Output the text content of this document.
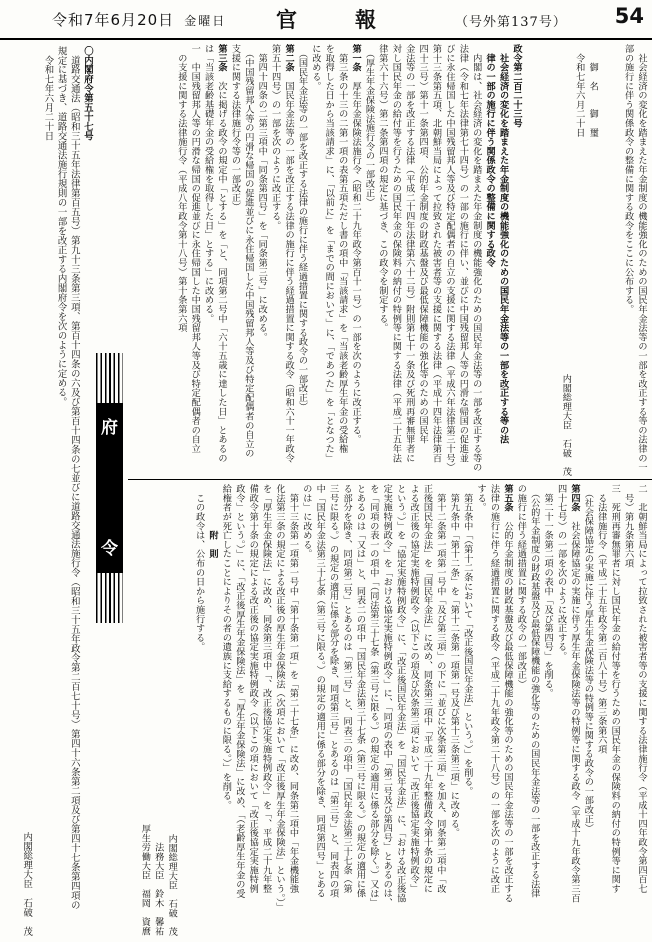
令和7年6月20日 金曜日	官報	（号外第137号） 54

　社会経済の変化を踏まえた年金制度の機能強化のための国民年金法等の一部を改正する等の法律の一

部の施行に伴う関係政令の整備に関する政令をここに公布する。

　　御　名　　御　璽

　令和七年六月二十日

内閣総理大臣　石破　茂

政令第二百二十三号

　社会経済の変化を踏まえた年金制度の機能強化のための国民年金法等の一部を改正する等の法

　律の一部の施行に伴う関係政令の整備に関する政令

　内閣は、社会経済の変化を踏まえた年金制度の機能強化のための国民年金法等の一部を改正する等の

法律（令和七年法律第七十四号）の一部の施行に伴い、並びに中国残留邦人等の円滑な帰国の促進並

びに永住帰国した中国残留邦人等及び特定配偶者の自立の支援に関する法律（平成六年法律第三十号）

第十三条第五項、北朝鮮当局によって拉致された被害者等の支援に関する法律（平成十四年法律第百

四十三号）第十一条第四項、公的年金制度の財政基盤及び最低保障機能の強化等のための国民年

金法等の一部を改正する法律（平成二十四年法律第六十二号）附則第七十一条及び死刑再審無罪者に

対し国民年金の給付等を行うための国民年金の保険料の納付の特例等に関する法律（平成二十五年法

律第六十六号）第二条第四項の規定に基づき、この政令を制定する。

　（厚生年金保険法施行令の一部改正）

第一条　厚生年金保険法施行令（昭和二十九年政令第百十一号）の一部を次のように改正する。

　第三条の十三の二第一項の表第五項ただし書の項中「当該請求」を「当該老齢厚生年金の受給権

を取得した日から当該請求」に、「以前に」を「までの間において」に、「であつた」を「となつた」

に改める。

　（国民年金法等の一部を改正する法律の施行に伴う経過措置に関する政令の一部改正）

第二条　国民年金法等の一部を改正する法律の施行に伴う経過措置に関する政令（昭和六十一年政令

第五十四号）の一部を次のように改正する。

　第四十四条の二第三項中「同条第四号」を「同条第三号」に改める。

　（中国残留邦人等の円滑な帰国の促進並びに永住帰国した中国残留邦人等及び特定配偶者の自立の

支援に関する法律施行令等の一部改正）

第三条　次に掲げる政令の規定中「とする」を「と、同項第二号中「六十五歳に達した日」とあるの

は「当該老齢基礎年金の受給権を取得した日」とする」に改める。

一　中国残留邦人等の円滑な帰国の促進並びに永住帰国した中国残留邦人等及び特定配偶者の自立

　の支援に関する法律施行令（平成八年政令第十八号）第十条第六項

二　北朝鮮当局によって拉致された被害者等の支援に関する法律施行令（平成十四年政令第四百七

　号）第九条第六項

三　死刑再審無罪者に対し国民年金の給付等を行うための国民年金の保険料の納付の特例等に関す

　る法律施行令（平成二十五年政令第二百八十号）第三条第六項

　（社会保障協定の実施に伴う厚生年金保険法等の特例等に関する政令の一部改正）

第四条　社会保障協定の実施に伴う厚生年金保険法等の特例等に関する政令（平成十九年政令第三百

四十七号）の一部を次のように改正する。

　第二十一条第二項の表中「及び第四号」を削る。

　（公的年金制度の財政基盤及び最低保障機能の強化等のための国民年金法等の一部を改正する法律

の施行に伴う経過措置に関する政令の一部改正）

第五条　公的年金制度の財政基盤及び最低保障機能の強化等のための国民年金法等の一部を改正する

法律の施行に伴う経過措置に関する政令（平成二十九年政令第二十八号）の一部を次のように改正

する。

　第五条中「（第十二条において「改正後国民年金法」という。）」を削る。

　第九条中「第十二条」を「第十二条第一項第一号及び第十三条第三項」に改める。

　第十二条第一項第一号中「及び第三項」の下に「並びに次条第三項」を加え、同条第二項中「改

正後国民年金法」を「国民年金法」に改め、同条第三項中「平成二十九年整備政令第十条の規定に

よる改正後の協定実施特例政令（以下この項及び次条第三項において「改正後協定実施特例政令」

という。）」を「協定実施特例政令」に、「改正後国民年金法」を「国民年金法」に、「おける改正後協

定実施特例政令」を「おける協定実施特例政令」に、「同項の表中「第二号及び第四号」とあるのは、

を「同項の表一の項中「（同法第三十七条（第三号に限る。）の規定の適用に係る部分を除く。）又は」

とあるのは「又は」と、同表二の項中「国民年金法第三十七条（第三号に限る。）の規定の適用に係

る部分を除き、同項第二号」とあるのは「第二号」と、同表三の項中「国民年金法第三十七条（第

三号に限る。）の規定の適用に係る部分を除き、同項第三号」とあるのは「第三号」と、同表四の項

中「国民年金法第三十七条（第三号に限る。）の規定の適用に係る部分を除き、同項第四号」とある

のは」に改める。

　第十三条第一項第一号中「第十条第一項」を「第二十七条」に改め、同条第二項中「年金機能強

化法第三条の規定による改正後の厚生年金保険法（次項において「改正後厚生年金保険法」という。）」

を「厚生年金保険法」に改め、同条第三項中「、改正後協定実施特例政令」を「、平成二十九年整

備政令第十条の規定による改正後の協定実施特例政令（以下この項において「改正後協定実施特例

政令」という。）」に、「改正後厚生年金保険法」を「厚生年金保険法」に改め、「（老齢厚生年金の受

給権者が死亡したことによりその者の遺族に支給するものに限る。）」を削る。

　　　　　附　則

　この政令は、公布の日から施行する。

内閣総理大臣　石破　茂

　　法務大臣　鈴木　馨祐

厚生労働大臣　福岡　資麿

府
令

〇内閣府令第五十七号

　道路交通法（昭和三十五年法律第百五号）第九十三条第三項、第百十四条の六及び第百十四条の七並びに道路交通法施行令（昭和三十五年政令第二百七十号）第四十六条第二項及び第四十七条第四項の

規定に基づき、道路交通法施行規則の一部を改正する内閣府令を次のように定める。

　令和七年六月二十日

内閣総理大臣　石破　茂
